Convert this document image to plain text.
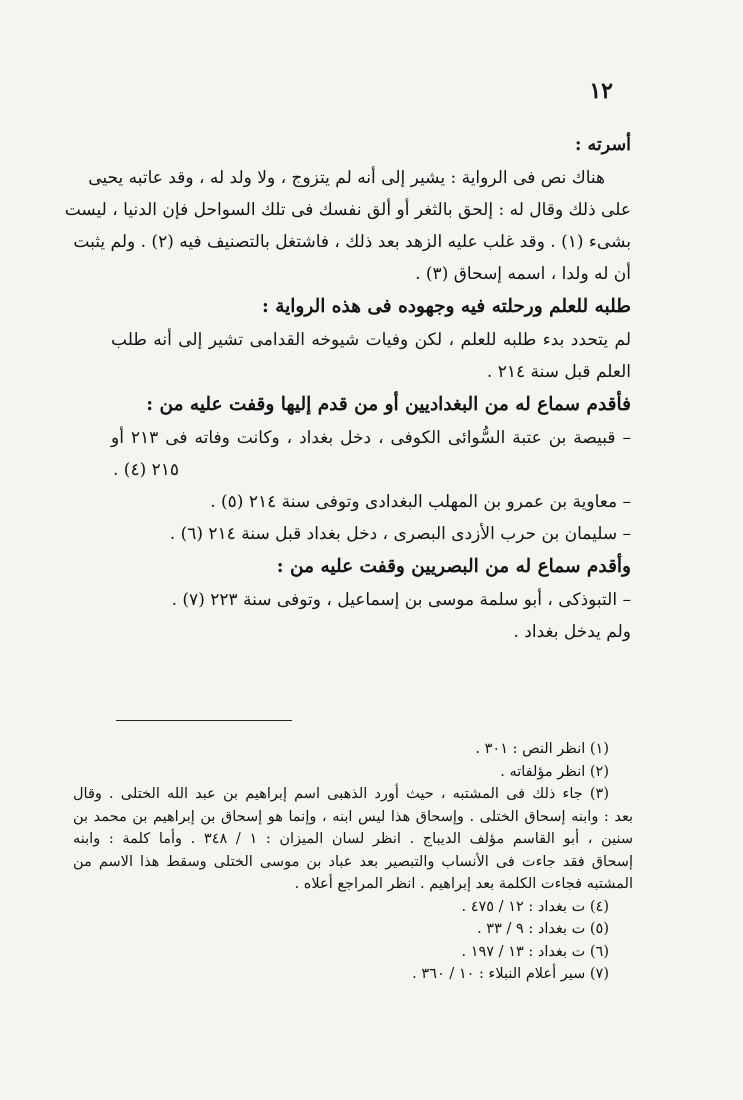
١٢
أسرته :
هناك نص فى الرواية : يشير إلى أنه لم يتزوج ، ولا ولد له ، وقد عاتبه يحيى
على ذلك وقال له : إلحق بالثغر أو ألق نفسك فى تلك السواحل فإن الدنيا ، ليست
بشىء (١) . وقد غلب عليه الزهد بعد ذلك ، فاشتغل بالتصنيف فيه (٢) . ولم يثبت
أن له ولدا ، اسمه إسحاق (٣) .
طلبه للعلم ورحلته فيه وجهوده فى هذه الرواية :
لم يتحدد بدء طلبه للعلم ، لكن وفيات شيوخه القدامى تشير إلى أنه طلب
العلم قبل سنة ٢١٤ .
فأقدم سماع له من البغداديين أو من قدم إليها وقفت عليه من :
– قبيصة بن عتبة السُّوائى الكوفى ، دخل بغداد ، وكانت وفاته فى ٢١٣ أو
٢١٥ (٤) .
– معاوية بن عمرو بن المهلب البغدادى وتوفى سنة ٢١٤ (٥) .
– سليمان بن حرب الأزدى البصرى ، دخل بغداد قبل سنة ٢١٤ (٦) .
وأقدم سماع له من البصريين وقفت عليه من :
– التبوذكى ، أبو سلمة موسى بن إسماعيل ، وتوفى سنة ٢٢٣ (٧) .
ولم يدخل بغداد .
(١) انظر النص : ٣٠١ .
(٢) انظر مؤلفاته .
(٣) جاء ذلك فى المشتبه ، حيث أورد الذهبى اسم إبراهيم بن عبد الله الختلى . وقال
بعد : وابنه إسحاق الختلى . وإسحاق هذا ليس ابنه ، وإنما هو إسحاق بن إبراهيم بن محمد بن
سنين ، أبو القاسم مؤلف الديباج . انظر لسان الميزان : ١ / ٣٤٨ . وأما كلمة : وابنه
إسحاق فقد جاءت فى الأنساب والتبصير بعد عباد بن موسى الختلى وسقط هذا الاسم من
المشتبه فجاءت الكلمة بعد إبراهيم . انظر المراجع أعلاه .
(٤) ت بغداد : ١٢ / ٤٧٥ .
(٥) ت بغداد : ٩ / ٣٣ .
(٦) ت بغداد : ١٣ / ١٩٧ .
(٧) سير أعلام النبلاء : ١٠ / ٣٦٠ .
